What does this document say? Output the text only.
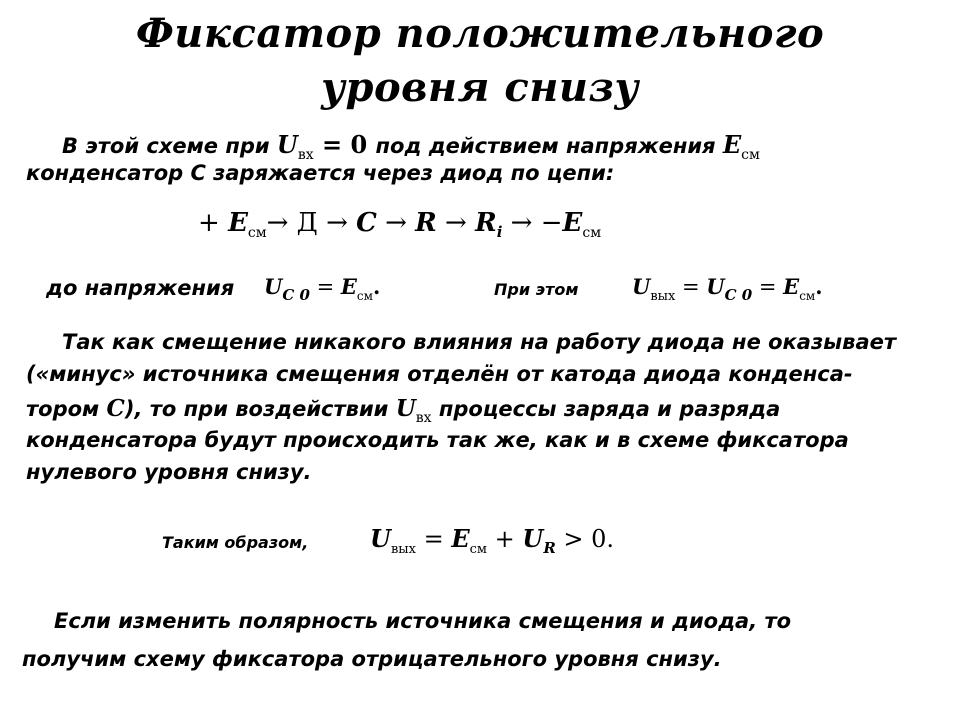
Фиксатор положительного
уровня снизу
В этой схеме при $U_{вх} = 0$ под действием напряжения $E_{см}$
конденсатор C заряжается через диод по цепи:
+ $E_{см}\to Д \to C \to R \to R_i \to -E_{см}$
до напряжения $U_{C 0} = E_{см}$.	При этом	$U_{вых} = U_{C 0} = E_{см}$.
Так как смещение никакого влияния на работу диода не оказывает
(«минус» источника смещения отделён от катода диода конденса-
тором C), то при воздействии $U_{вх}$ процессы заряда и разряда
конденсатора будут происходить так же, как и в схеме фиксатора
нулевого уровня снизу.
Таким образом,	$U_{вых} = E_{см} + U_R > 0$.
Если изменить полярность источника смещения и диода, то
получим схему фиксатора отрицательного уровня снизу.
